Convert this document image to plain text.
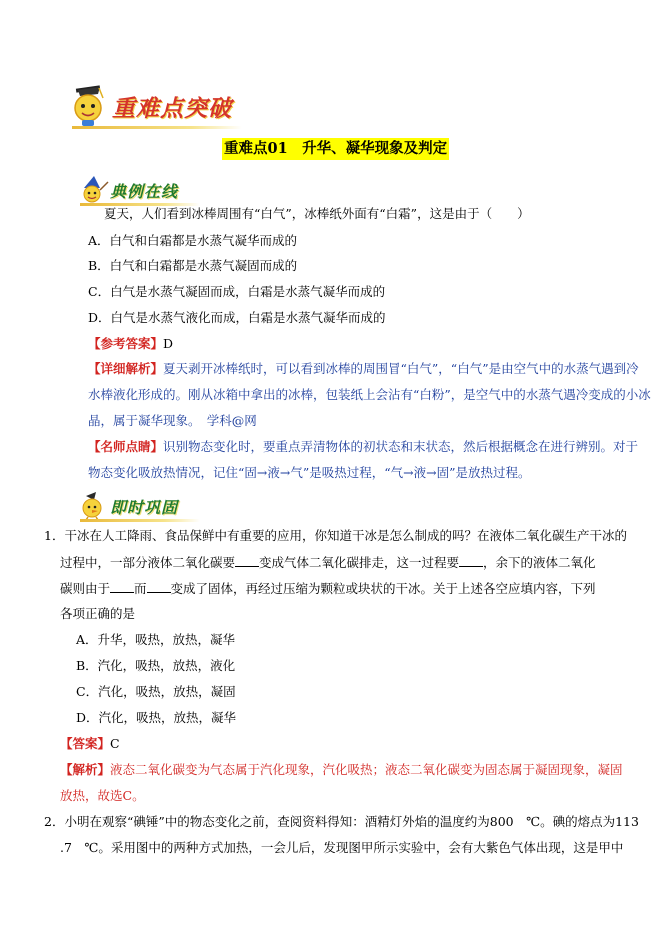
重难点突破
重难点01　升华、凝华现象及判定
典例在线
夏天，人们看到冰棒周围有“白气”，冰棒纸外面有“白霜”，这是由于（　　）
A．白气和白霜都是水蒸气凝华而成的
B．白气和白霜都是水蒸气凝固而成的
C．白气是水蒸气凝固而成，白霜是水蒸气凝华而成的
D．白气是水蒸气液化而成，白霜是水蒸气凝华而成的
【参考答案】D
【详细解析】夏天剥开冰棒纸时，可以看到冰棒的周围冒“白气”，“白气”是由空气中的水蒸气遇到冷
水棒液化形成的。刚从冰箱中拿出的冰棒，包装纸上会沾有“白粉”，是空气中的水蒸气遇冷变成的小冰
晶，属于凝华现象。　学科@网
【名师点睛】识别物态变化时，要重点弄清物体的初状态和末状态，然后根据概念在进行辨别。对于
物态变化吸放热情况，记住“固→液→气”是吸热过程，“气→液→固”是放热过程。
即时巩固
1．干冰在人工降雨、食品保鲜中有重要的应用，你知道干冰是怎么制成的吗？在液体二氧化碳生产干冰的
过程中，一部分液体二氧化碳要 变成气体二氧化碳排走，这一过程要 ，余下的液体二氧化
碳则由于 而 变成了固体，再经过压缩为颗粒或块状的干冰。关于上述各空应填内容，下列
各项正确的是
A．升华，吸热，放热，凝华
B．汽化，吸热，放热，液化
C．汽化，吸热，放热，凝固
D．汽化，吸热，放热，凝华
【答案】C
【解析】液态二氧化碳变为气态属于汽化现象，汽化吸热；液态二氧化碳变为固态属于凝固现象，凝固
放热，故选C。
2．小明在观察“碘锤”中的物态变化之前，查阅资料得知：酒精灯外焰的温度约为800　℃。碘的熔点为113
.7　℃。采用图中的两种方式加热，一会儿后，发现图甲所示实验中，会有大紫色气体出现，这是甲中
